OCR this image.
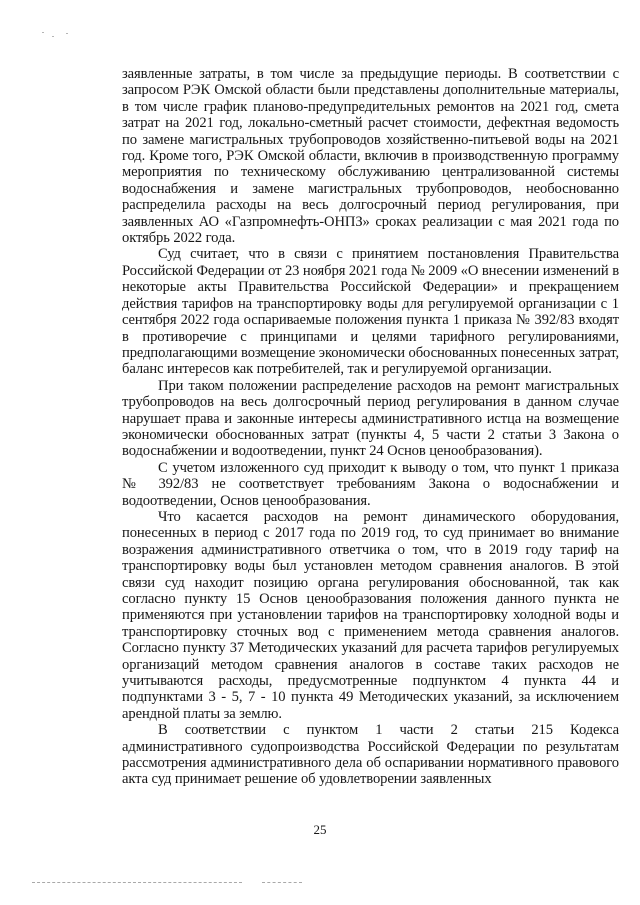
заявленные затраты, в том числе за предыдущие периоды. В соответствии с запросом РЭК Омской области были представлены дополнительные материалы, в том числе график планово-предупредительных ремонтов на 2021 год, смета затрат на 2021 год, локально-сметный расчет стоимости, дефектная ведомость по замене магистральных трубопроводов хозяйственно-питьевой воды на 2021 год. Кроме того, РЭК Омской области, включив в производственную программу мероприятия по техническому обслуживанию централизованной системы водоснабжения и замене магистральных трубопроводов, необоснованно распределила расходы на весь долгосрочный период регулирования, при заявленных АО «Газпромнефть-ОНПЗ» сроках реализации с мая 2021 года по октябрь 2022 года.

Суд считает, что в связи с принятием постановления Правительства Российской Федерации от 23 ноября 2021 года № 2009 «О внесении изменений в некоторые акты Правительства Российской Федерации» и прекращением действия тарифов на транспортировку воды для регулируемой организации с 1 сентября 2022 года оспариваемые положения пункта 1 приказа № 392/83 входят в противоречие с принципами и целями тарифного регулированиями, предполагающими возмещение экономически обоснованных понесенных затрат, баланс интересов как потребителей, так и регулируемой организации.

При таком положении распределение расходов на ремонт магистральных трубопроводов на весь долгосрочный период регулирования в данном случае нарушает права и законные интересы административного истца на возмещение экономически обоснованных затрат (пункты 4, 5 части 2 статьи 3 Закона о водоснабжении и водоотведении, пункт 24 Основ ценообразования).

С учетом изложенного суд приходит к выводу о том, что пункт 1 приказа № 392/83 не соответствует требованиям Закона о водоснабжении и водоотведении, Основ ценообразования.

Что касается расходов на ремонт динамического оборудования, понесенных в период с 2017 года по 2019 год, то суд принимает во внимание возражения административного ответчика о том, что в 2019 году тариф на транспортировку воды был установлен методом сравнения аналогов. В этой связи суд находит позицию органа регулирования обоснованной, так как согласно пункту 15 Основ ценообразования положения данного пункта не применяются при установлении тарифов на транспортировку холодной воды и транспортировку сточных вод с применением метода сравнения аналогов. Согласно пункту 37 Методических указаний для расчета тарифов регулируемых организаций методом сравнения аналогов в составе таких расходов не учитываются расходы, предусмотренные подпунктом 4 пункта 44 и подпунктами 3 - 5, 7 - 10 пункта 49 Методических указаний, за исключением арендной платы за землю.

В соответствии с пунктом 1 части 2 статьи 215 Кодекса административного судопроизводства Российской Федерации по результатам рассмотрения административного дела об оспаривании нормативного правового акта суд принимает решение об удовлетворении заявленных

25
